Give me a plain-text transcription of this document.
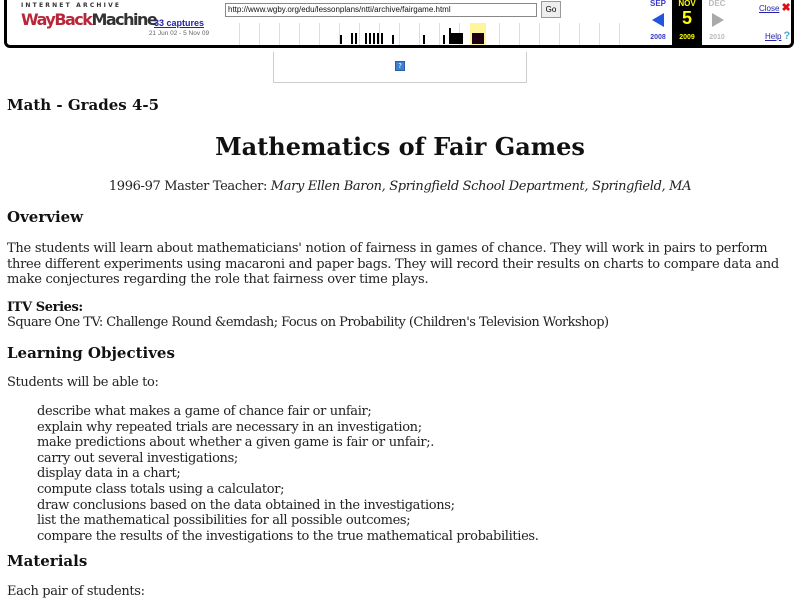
INTERNET ARCHIVE
WayBackMachine
33 captures
21 Jun 02 - 5 Nov 09
http://www.wgby.org/edu/lessonplans/ntti/archive/fairgame.html	Go
SEP
2008
NOV
5
2009
DEC
2010
Close ✖
Help ?
?
Math - Grades 4-5
Mathematics of Fair Games
1996-97 Master Teacher: Mary Ellen Baron, Springfield School Department, Springfield, MA
Overview
The students will learn about mathematicians' notion of fairness in games of chance. They will work in pairs to perform three different experiments using macaroni and paper bags. They will record their results on charts to compare data and make conjectures regarding the role that fairness over time plays.
ITV Series:
Square One TV: Challenge Round &emdash; Focus on Probability (Children's Television Workshop)
Learning Objectives
Students will be able to:
describe what makes a game of chance fair or unfair;
explain why repeated trials are necessary in an investigation;
make predictions about whether a given game is fair or unfair;.
carry out several investigations;
display data in a chart;
compute class totals using a calculator;
draw conclusions based on the data obtained in the investigations;
list the mathematical possibilities for all possible outcomes;
compare the results of the investigations to the true mathematical probabilities.
Materials
Each pair of students:
